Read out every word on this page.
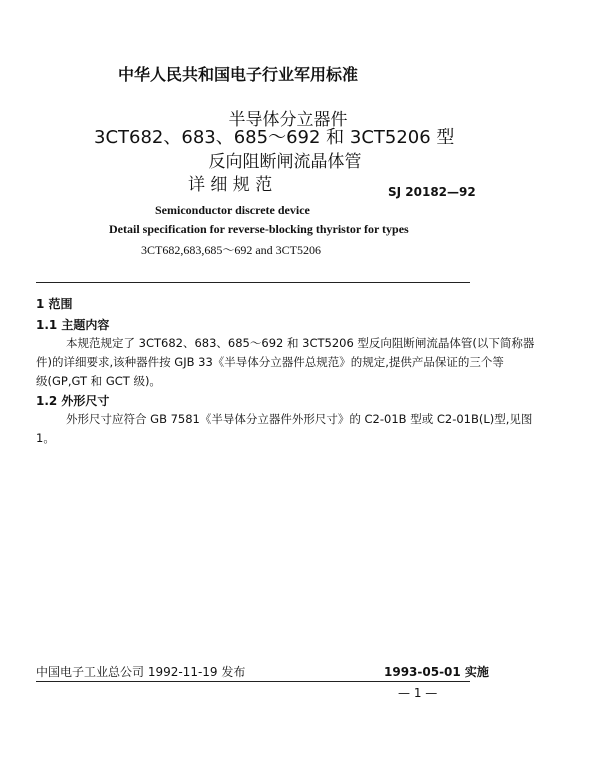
中华人民共和国电子行业军用标准
半导体分立器件
3CT682、683、685～692 和 3CT5206 型
反向阻断闸流晶体管
详 细 规 范	SJ 20182—92
Semiconductor discrete device
Detail specification for reverse-blocking thyristor for types
3CT682,683,685～692 and 3CT5206
1 范围
1.1 主题内容
本规范规定了 3CT682、683、685～692 和 3CT5206 型反向阻断闸流晶体管(以下简称器
件)的详细要求,该种器件按 GJB 33《半导体分立器件总规范》的规定,提供产品保证的三个等
级(GP,GT 和 GCT 级)。
1.2 外形尺寸
外形尺寸应符合 GB 7581《半导体分立器件外形尺寸》的 C2-01B 型或 C2-01B(L)型,见图
1。
中国电子工业总公司 1992-11-19 发布	1993-05-01 实施
— 1 —
